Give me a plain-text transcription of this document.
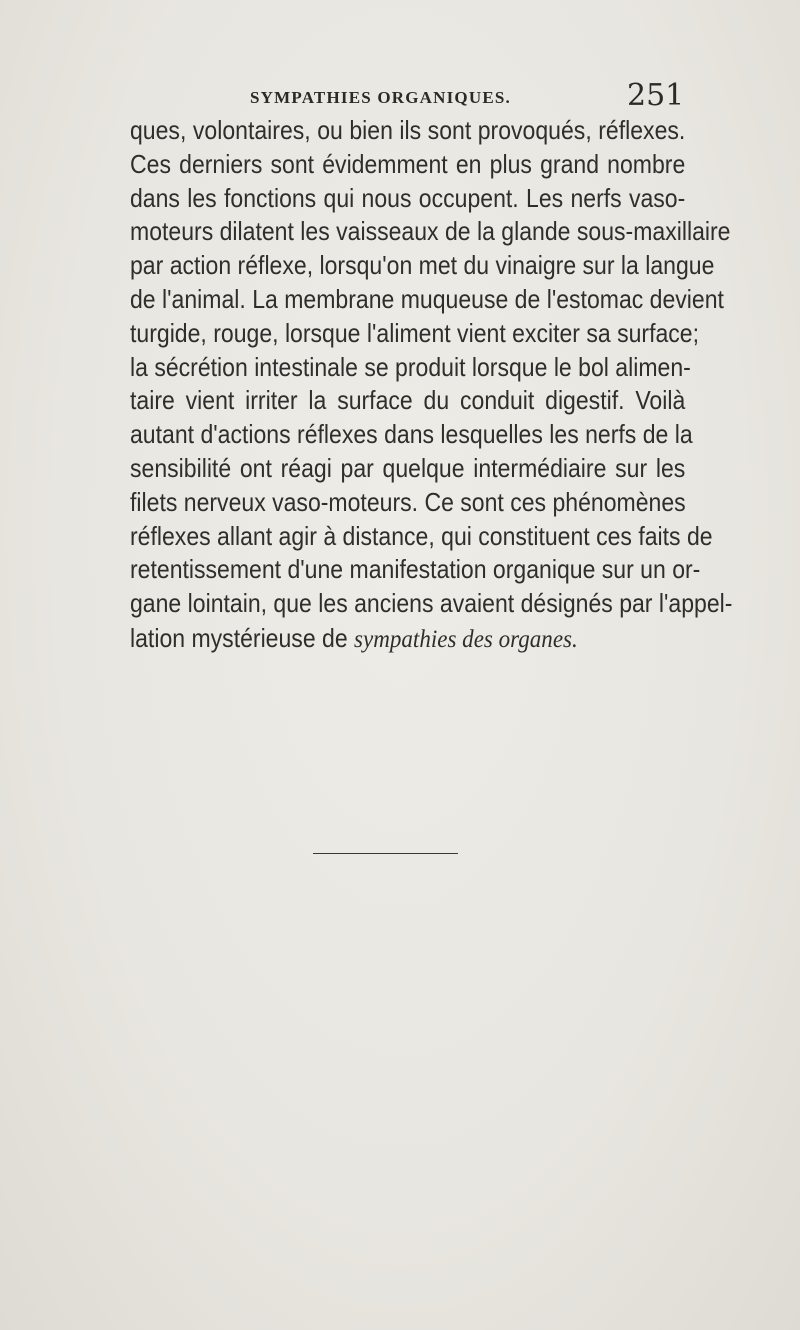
SYMPATHIES ORGANIQUES.	251
ques, volontaires, ou bien ils sont provoqués, réflexes.
Ces derniers sont évidemment en plus grand nombre
dans les fonctions qui nous occupent. Les nerfs vaso-
moteurs dilatent les vaisseaux de la glande sous-maxillaire
par action réflexe, lorsqu'on met du vinaigre sur la langue
de l'animal. La membrane muqueuse de l'estomac devient
turgide, rouge, lorsque l'aliment vient exciter sa surface;
la sécrétion intestinale se produit lorsque le bol alimen-
taire vient irriter la surface du conduit digestif. Voilà
autant d'actions réflexes dans lesquelles les nerfs de la
sensibilité ont réagi par quelque intermédiaire sur les
filets nerveux vaso-moteurs. Ce sont ces phénomènes
réflexes allant agir à distance, qui constituent ces faits de
retentissement d'une manifestation organique sur un or-
gane lointain, que les anciens avaient désignés par l'appel-
lation mystérieuse de sympathies des organes.
